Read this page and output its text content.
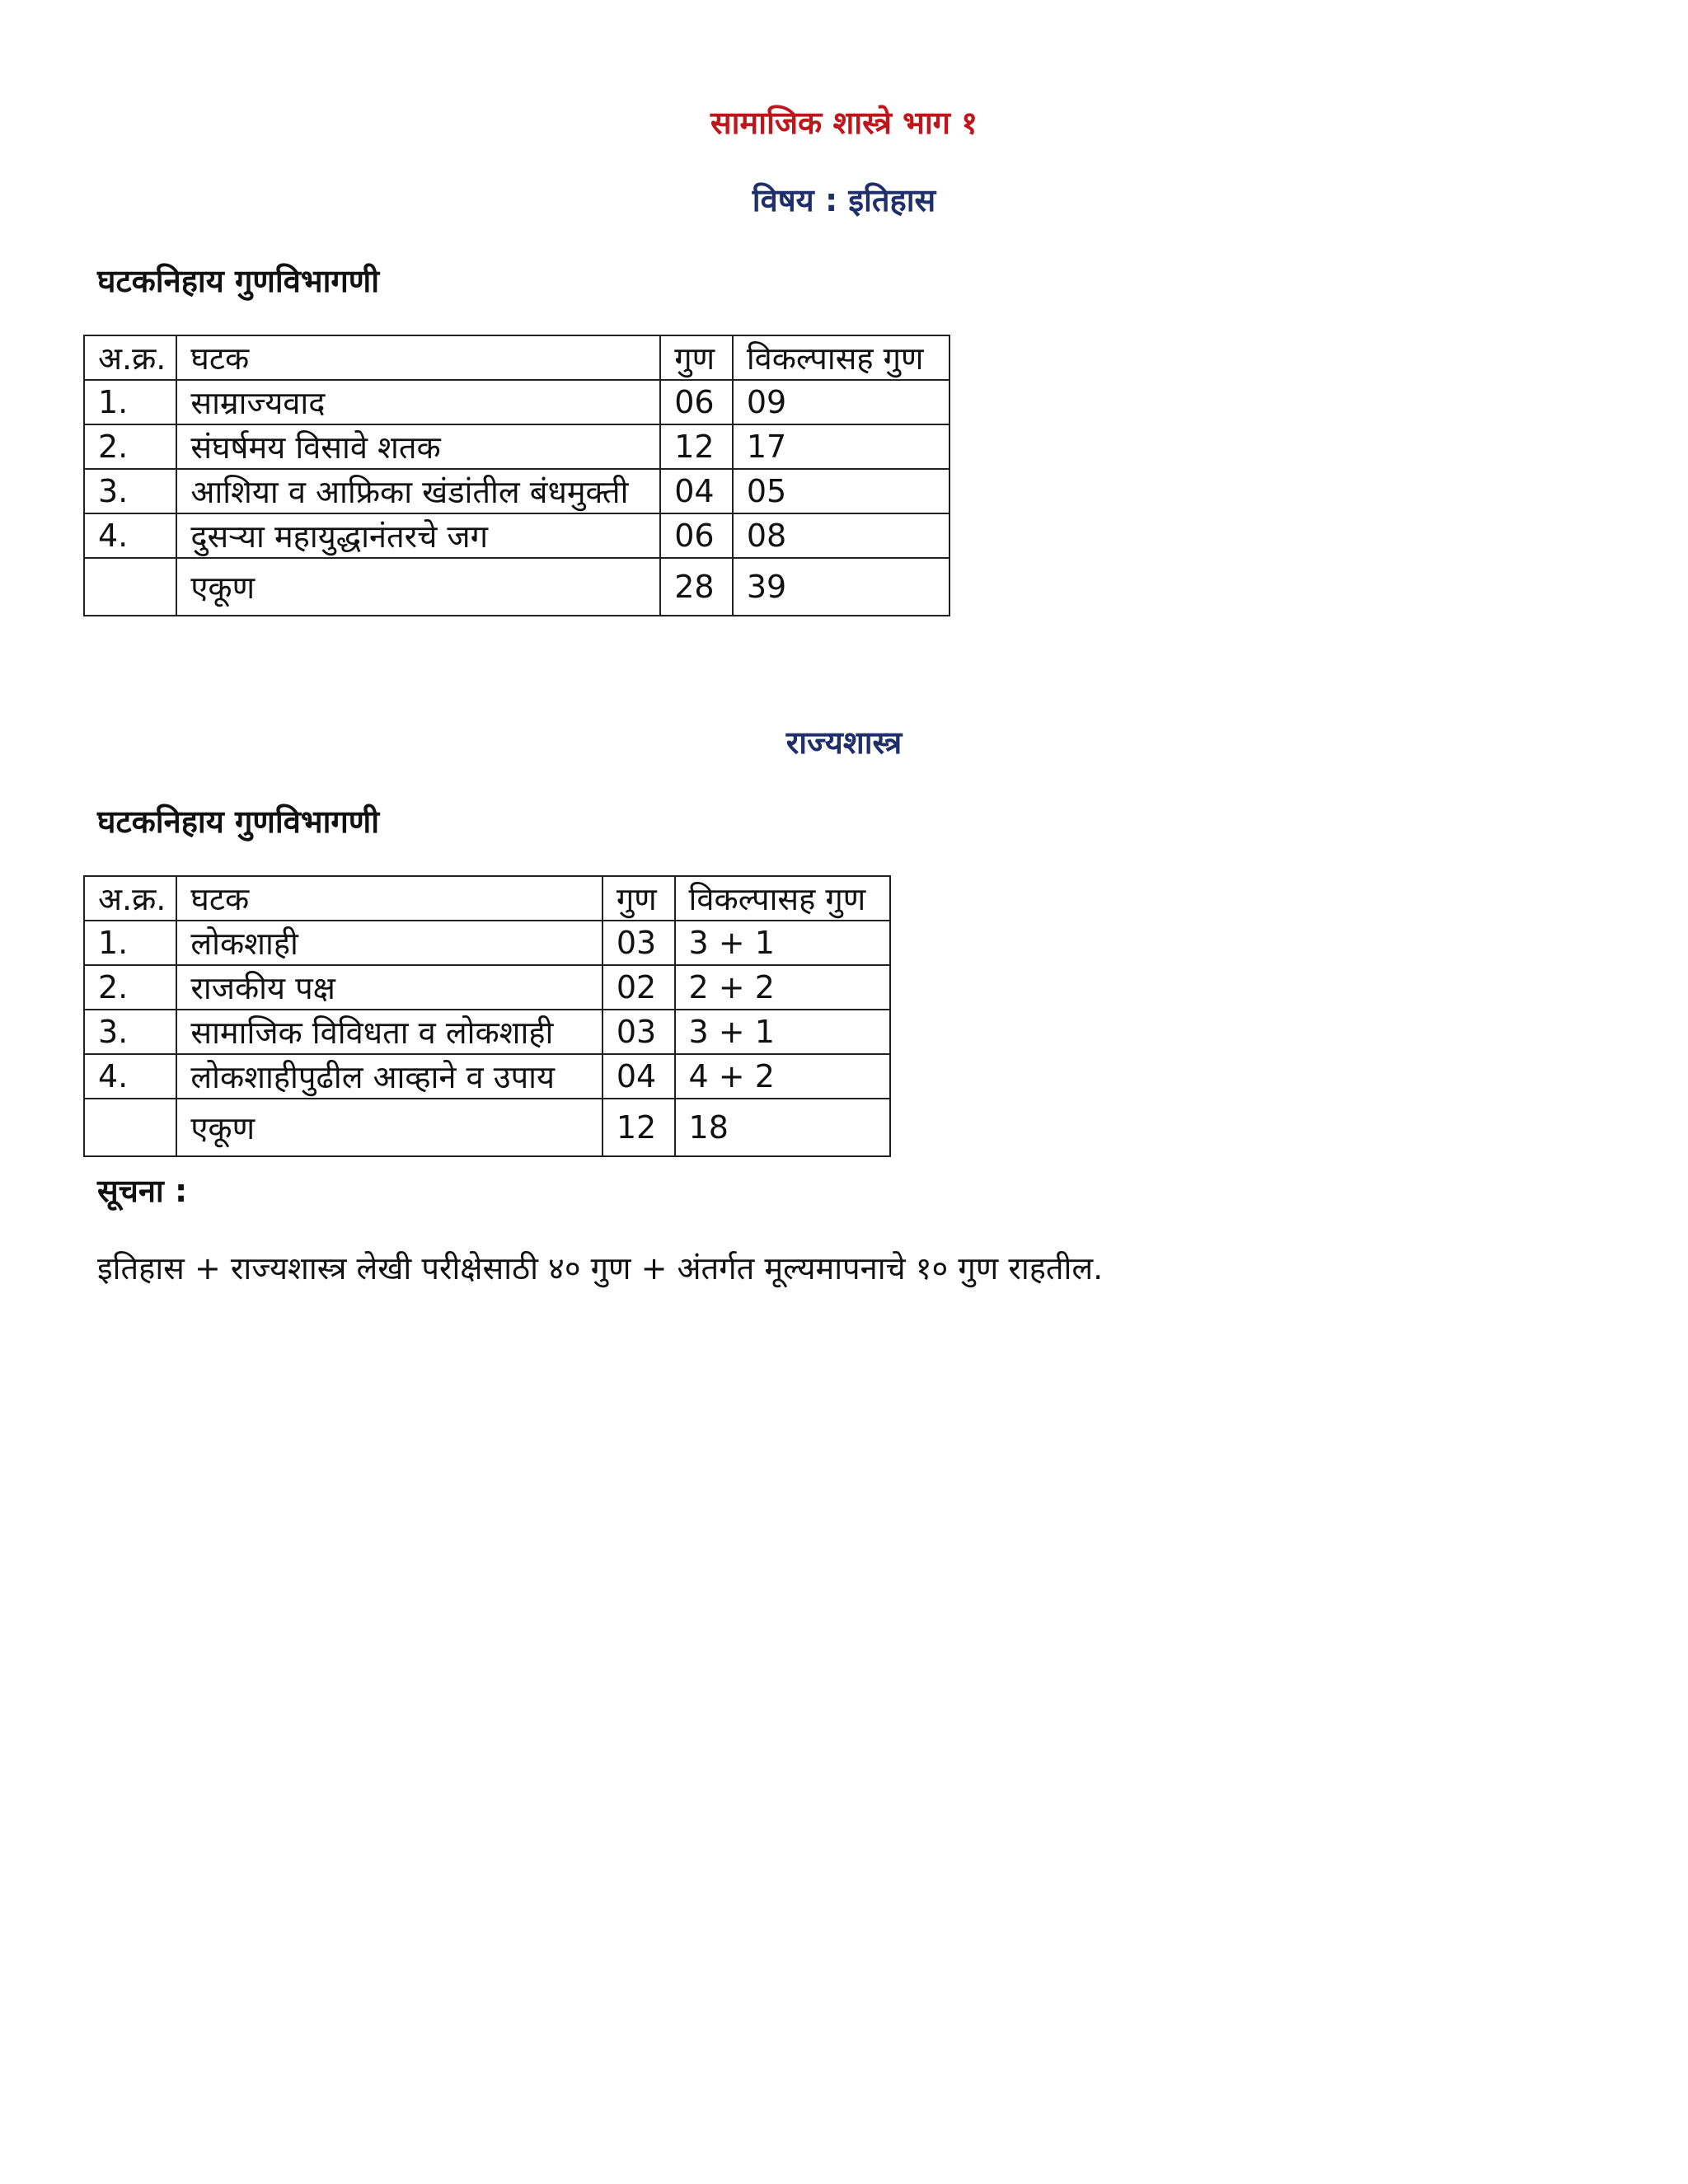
सामाजिक शास्त्रे भाग १
विषय : इतिहास
घटकनिहाय गुणविभागणी
अ.क्र.	घटक	गुण	विकल्पासह गुण
1.	साम्राज्यवाद	06	09
2.	संघर्षमय विसावे शतक	12	17
3.	आशिया व आफ्रिका खंडांतील बंधमुक्ती	04	05
4.	दुसऱ्या महायुद्धानंतरचे जग	06	08
	एकूण	28	39
राज्यशास्त्र
घटकनिहाय गुणविभागणी
अ.क्र.	घटक	गुण	विकल्पासह गुण
1.	लोकशाही	03	3 + 1
2.	राजकीय पक्ष	02	2 + 2
3.	सामाजिक विविधता व लोकशाही	03	3 + 1
4.	लोकशाहीपुढील आव्हाने व उपाय	04	4 + 2
	एकूण	12	18
सूचना :
इतिहास + राज्यशास्त्र लेखी परीक्षेसाठी ४० गुण + अंतर्गत मूल्यमापनाचे १० गुण राहतील.
